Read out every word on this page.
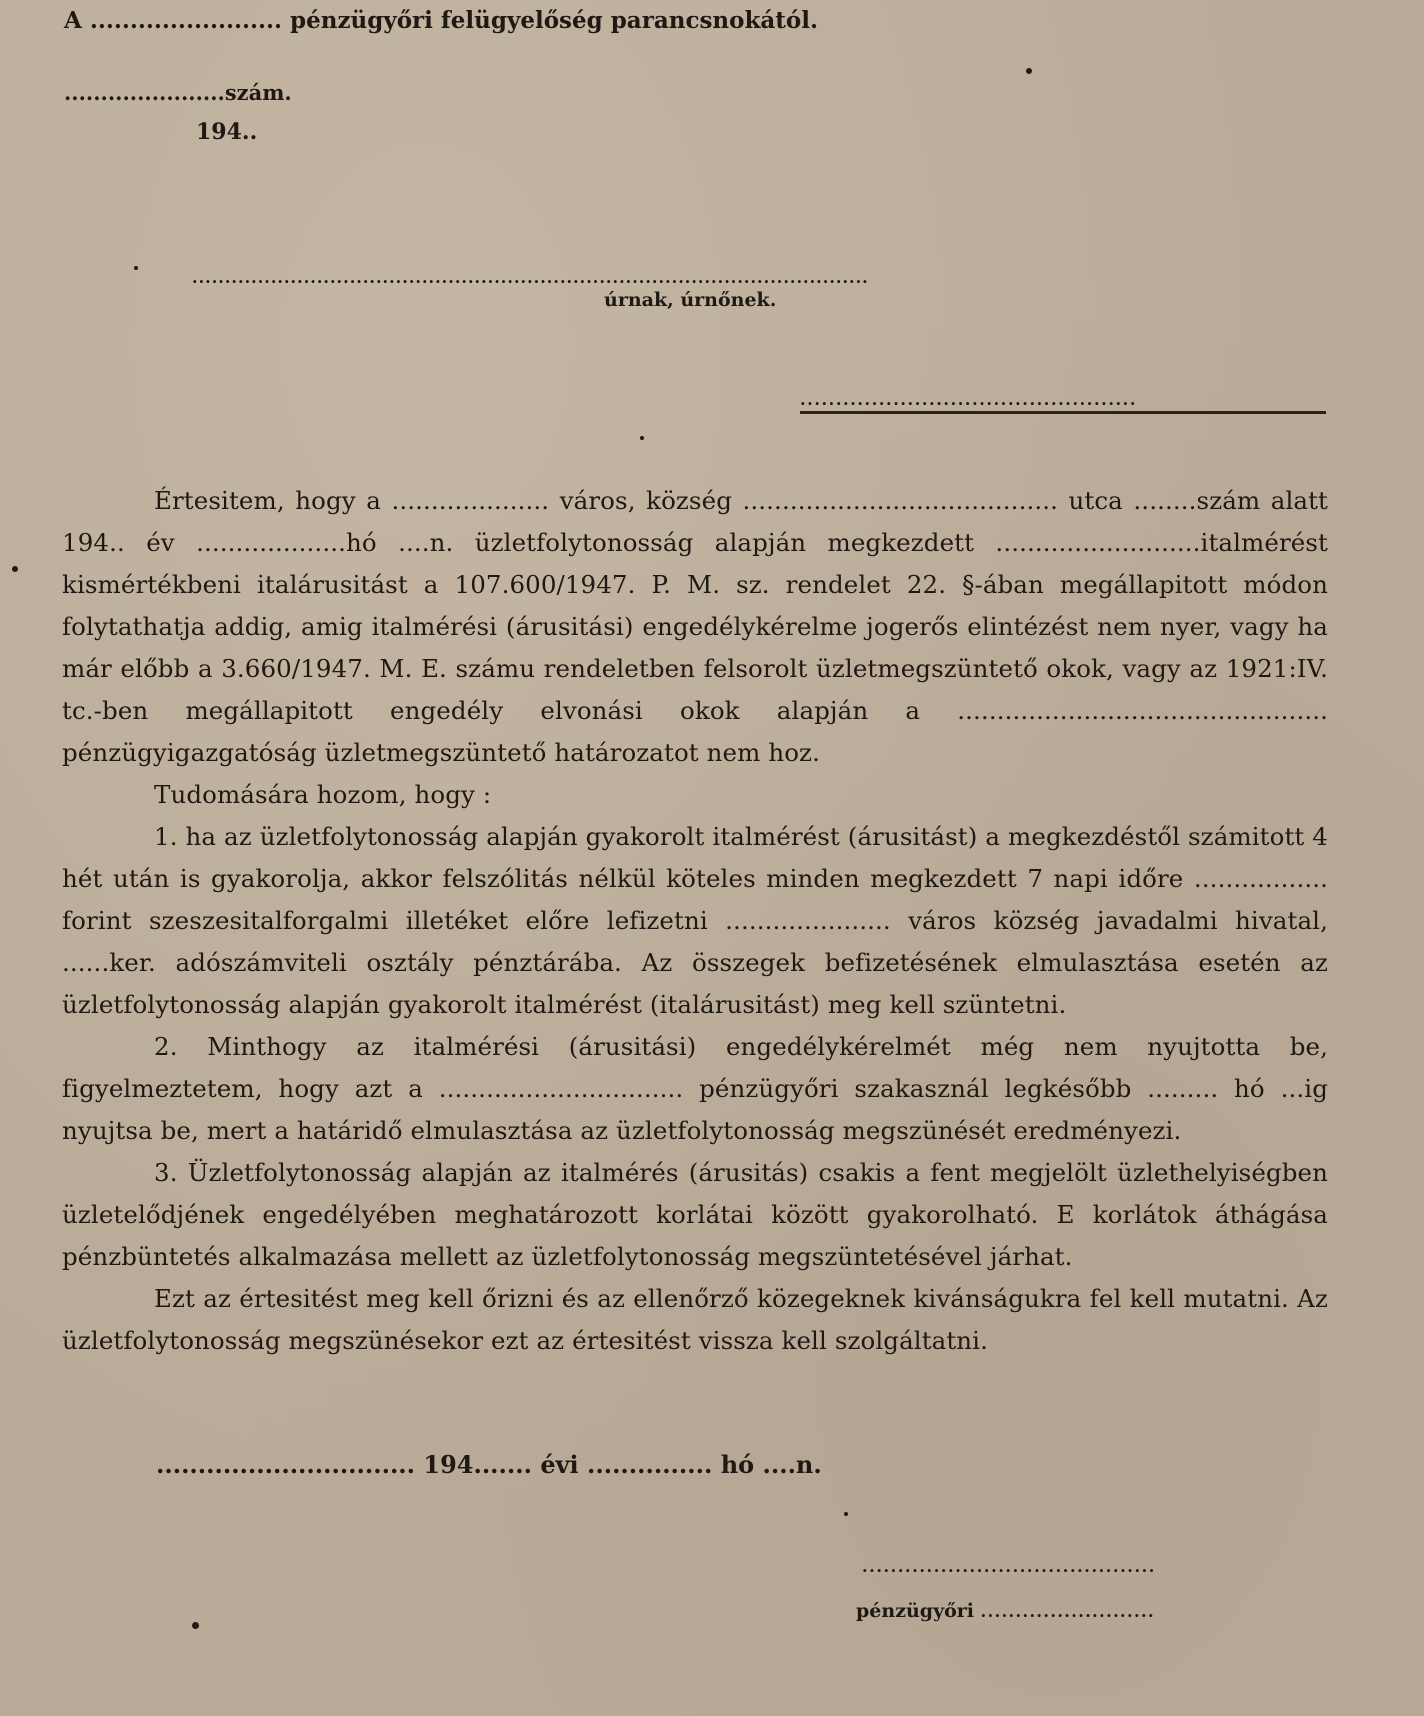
A ........................ pénzügyőri felügyelőség parancsnokától.
......................szám.
194..
.......................................................................................................
úrnak, úrnőnek.
...............................................

Értesitem, hogy a .................... város, község ........................................ utca ........szám alatt 194.. év ...................hó ....n. üzletfolytonosság alapján megkezdett ..........................italmérést kismértékbeni italárusitást a 107.600/1947. P. M. sz. rendelet 22. §-ában megállapitott módon folytathatja addig, amig italmérési (árusitási) engedélykérelme jogerős elintézést nem nyer, vagy ha már előbb a 3.660/1947. M. E. számu rendeletben felsorolt üzletmegszüntető okok, vagy az 1921:IV. tc.-ben megállapitott engedély elvonási okok alapján a ............................................... pénzügyigazgatóság üzletmegszüntető határozatot nem hoz.

Tudomására hozom, hogy :

1. ha az üzletfolytonosság alapján gyakorolt italmérést (árusitást) a megkezdéstől számitott 4 hét után is gyakorolja, akkor felszólitás nélkül köteles minden megkezdett 7 napi időre ................. forint szeszesitalforgalmi illetéket előre lefizetni ..................... város község javadalmi hivatal, ......ker. adószámviteli osztály pénztárába. Az összegek befizetésének elmulasztása esetén az üzletfolytonosság alapján gyakorolt italmérést (italárusitást) meg kell szüntetni.

2. Minthogy az italmérési (árusitási) engedélykérelmét még nem nyujtotta be, figyelmeztetem, hogy azt a ............................... pénzügyőri szakasznál legkésőbb ......... hó ...ig nyujtsa be, mert a határidő elmulasztása az üzletfolytonosság megszünését eredményezi.

3. Üzletfolytonosság alapján az italmérés (árusitás) csakis a fent megjelölt üzlethelyiségben üzletelődjének engedélyében meghatározott korlátai között gyakorolható. E korlátok áthágása pénzbüntetés alkalmazása mellett az üzletfolytonosság megszüntetésével járhat.

Ezt az értesitést meg kell őrizni és az ellenőrző közegeknek kivánságukra fel kell mutatni. Az üzletfolytonosság megszünésekor ezt az értesitést vissza kell szolgáltatni.

............................... 194....... évi ............... hó ....n.
.........................................
pénzügyőri .........................
